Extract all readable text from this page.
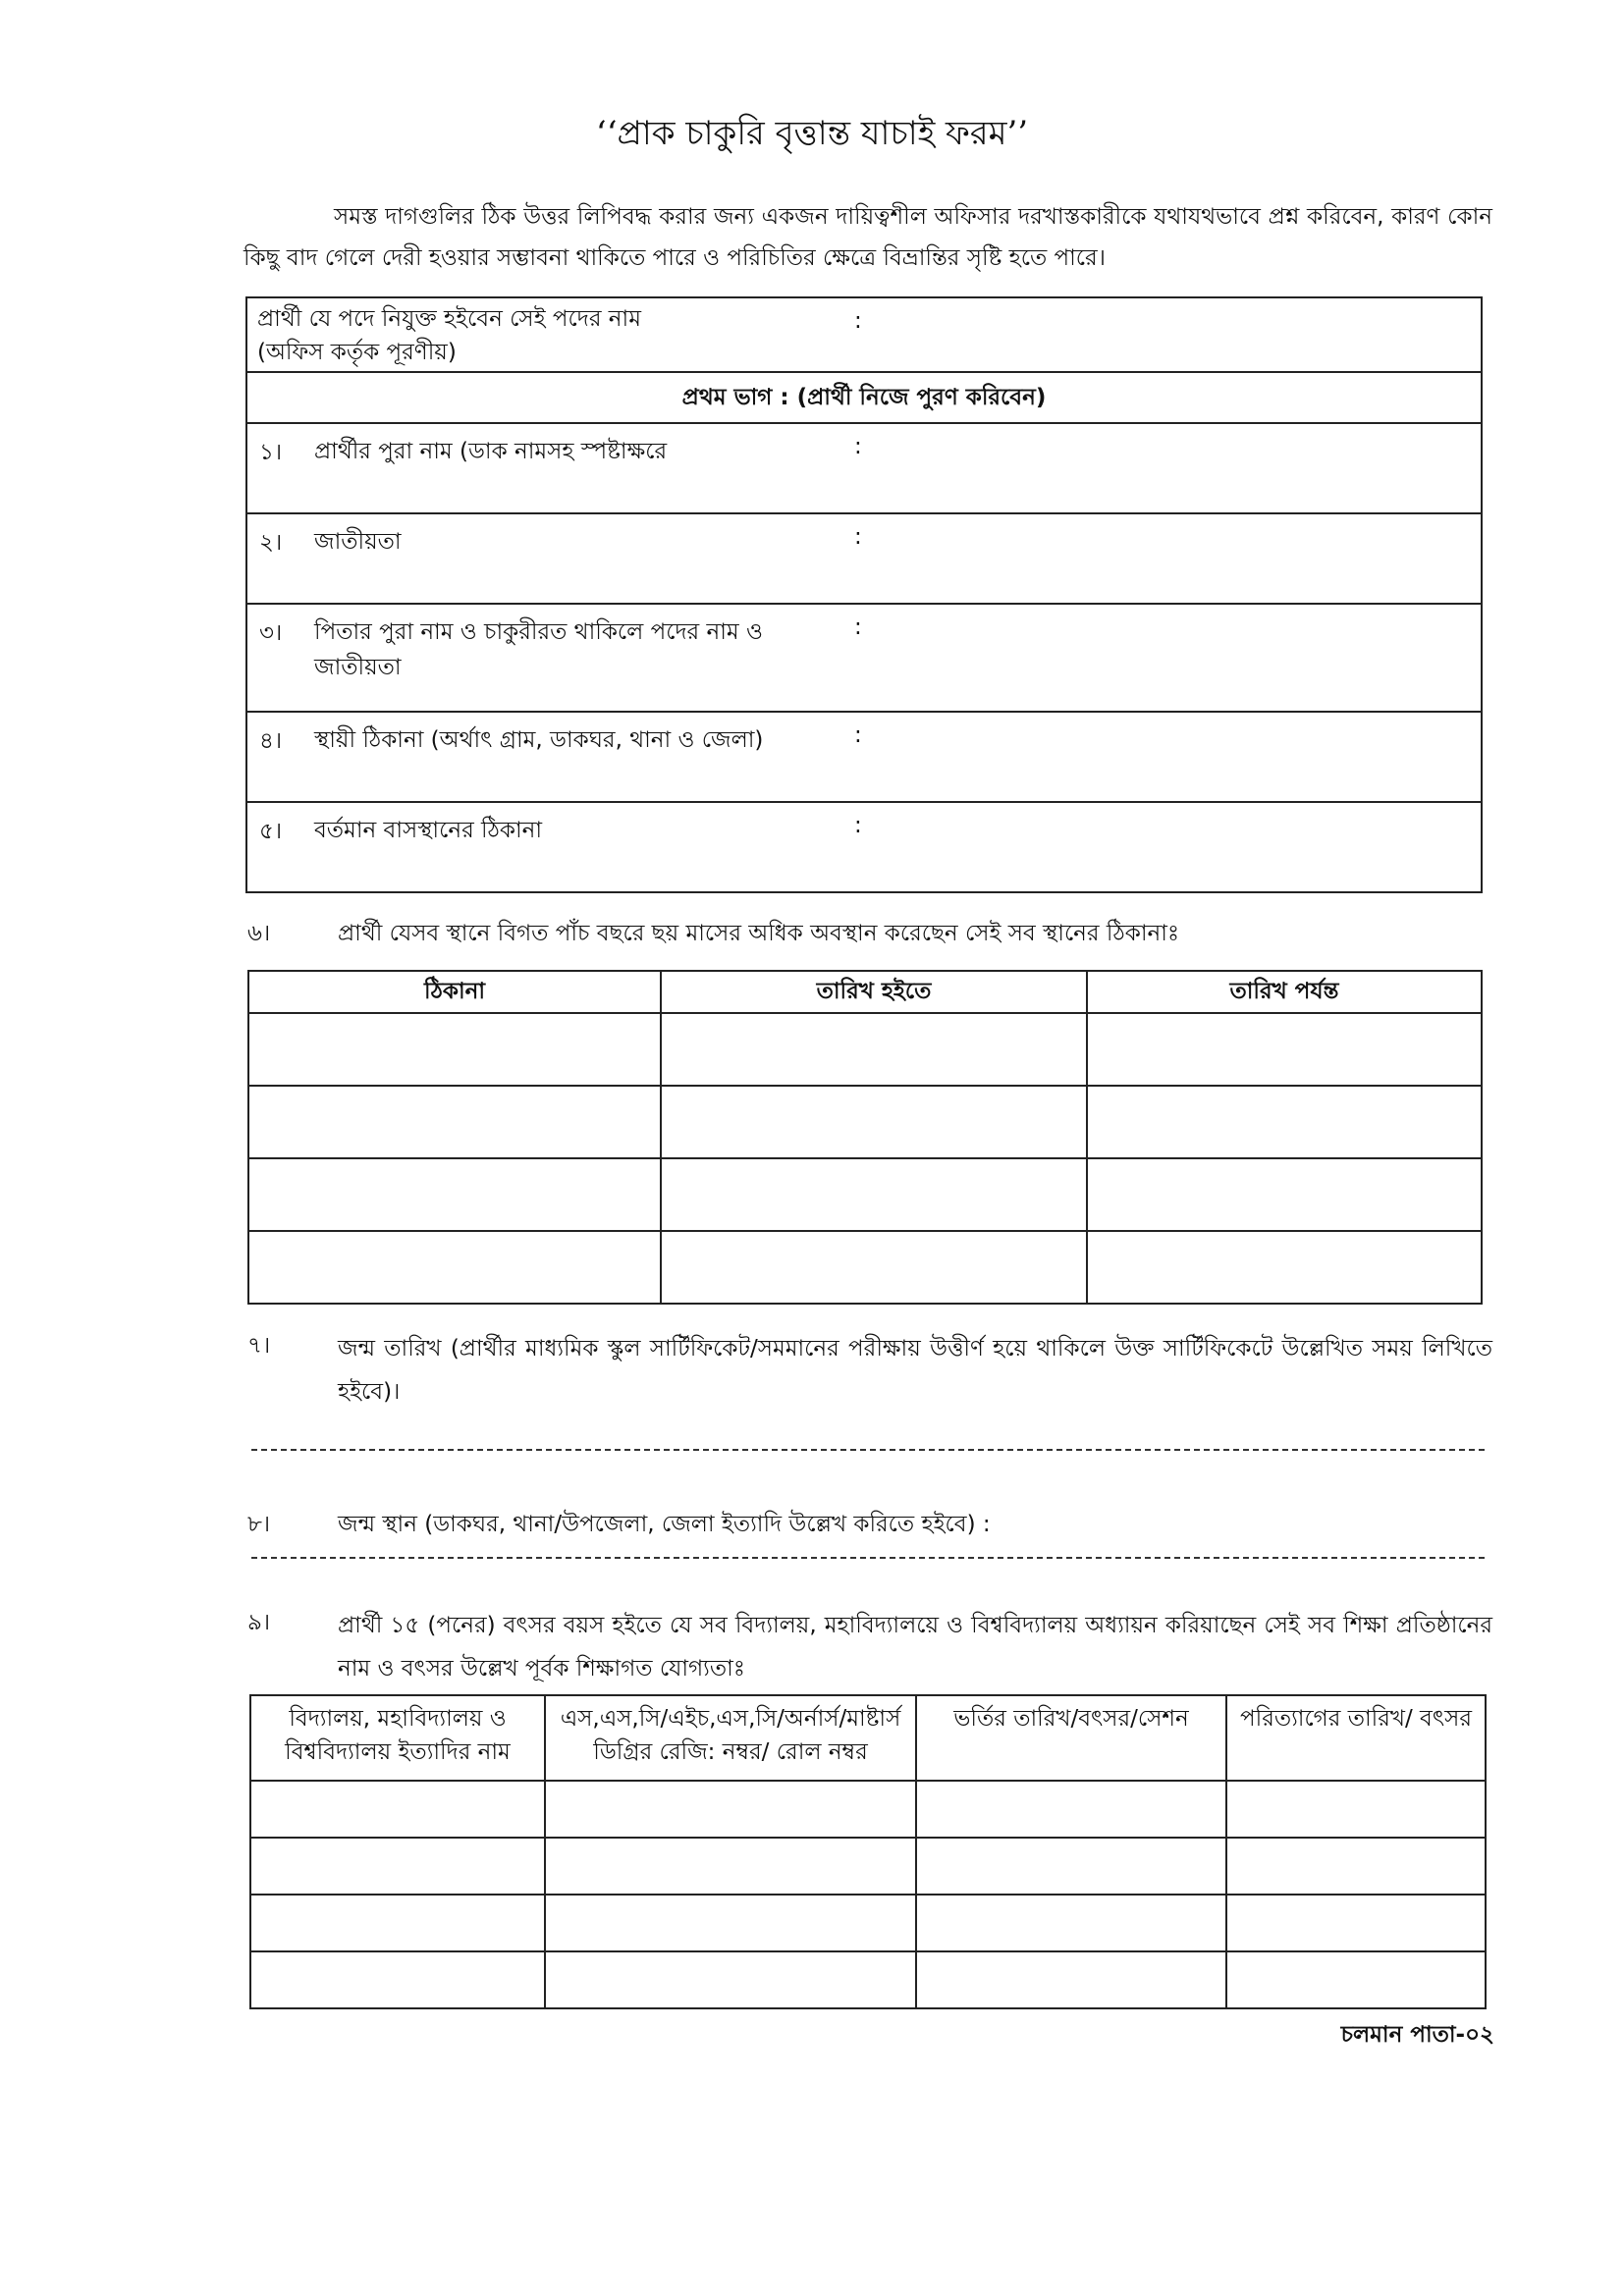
‘‘প্রাক চাকুরি বৃত্তান্ত যাচাই ফরম’’
সমস্ত দাগগুলির ঠিক উত্তর লিপিবদ্ধ করার জন্য একজন দায়িত্বশীল অফিসার দরখাস্তকারীকে যথাযথভাবে প্রশ্ন করিবেন, কারণ কোন কিছু বাদ গেলে দেরী হওয়ার সম্ভাবনা থাকিতে পারে ও পরিচিতির ক্ষেত্রে বিভ্রান্তির সৃষ্টি হতে পারে।
প্রার্থী যে পদে নিযুক্ত হইবেন সেই পদের নাম
(অফিস কর্তৃক পূরণীয়)
:

প্রথম ভাগ : (প্রার্থী নিজে পুরণ করিবেন)

১। প্রার্থীর পুরা নাম (ডাক নামসহ স্পষ্টাক্ষরে	:

২। জাতীয়তা	:

৩। পিতার পুরা নাম ও চাকুরীরত থাকিলে পদের নাম ও জাতীয়তা
:

৪। স্থায়ী ঠিকানা (অর্থাৎ গ্রাম, ডাকঘর, থানা ও জেলা)	:

৫। বর্তমান বাসস্থানের ঠিকানা	:
৬।	প্রার্থী যেসব স্থানে বিগত পাঁচ বছরে ছয় মাসের অধিক অবস্থান করেছেন সেই সব স্থানের ঠিকানাঃ
ঠিকানা	তারিখ হইতে	তারিখ পর্যন্ত

৭।	জন্ম তারিখ (প্রার্থীর মাধ্যমিক স্কুল সার্টিফিকেট/সমমানের পরীক্ষায় উত্তীর্ণ হয়ে থাকিলে উক্ত সার্টিফিকেটে উল্লেখিত সময় লিখিতে হইবে)।
৮।	জন্ম স্থান (ডাকঘর, থানা/উপজেলা, জেলা ইত্যাদি উল্লেখ করিতে হইবে) :
৯।	প্রার্থী ১৫ (পনের) বৎসর বয়স হইতে যে সব বিদ্যালয়, মহাবিদ্যালয়ে ও বিশ্ববিদ্যালয় অধ্যায়ন করিয়াছেন সেই সব শিক্ষা প্রতিষ্ঠানের নাম ও বৎসর উল্লেখ পূর্বক শিক্ষাগত যোগ্যতাঃ
বিদ্যালয়, মহাবিদ্যালয় ও বিশ্ববিদ্যালয় ইত্যাদির নাম	এস,এস,সি/এইচ,এস,সি/অর্নার্স/মাষ্টার্স ডিগ্রির রেজি: নম্বর/ রোল নম্বর	ভর্তির তারিখ/বৎসর/সেশন	পরিত্যাগের তারিখ/ বৎসর

চলমান পাতা-০২
